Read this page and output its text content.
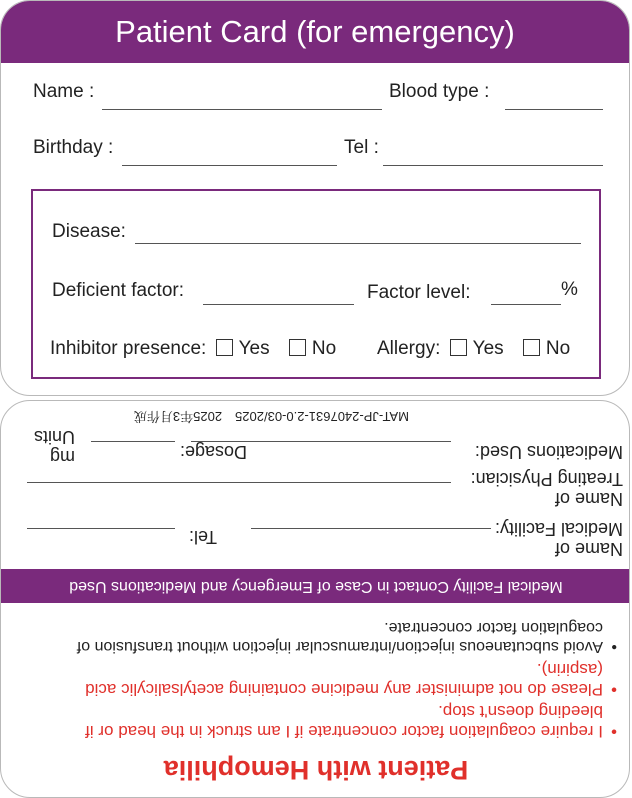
Patient Card (for emergency)
Name :	Blood type :
Birthday :	Tel :
Disease:
Deficient factor:	Factor level:	%
Inhibitor presence: Yes No Allergy: Yes No
Patient with Hemophilia
•
I require coagulation factor concentrate if I am struck in the head or if bleeding doesn't stop.
•
Please do not administer any medicine containing acetylsalicylic acid (aspirin).
•
Avoid subcutaneous injection/intramuscular injection without transfusion of coagulation factor concentrate.
Medical Facility Contact in Case of Emergency and Medications Used
Name of
Medical Facility:
Tel:
Name of
Treating Physician:
Medications Used:
Dosage:
mg
Units
MAT-JP-2407631-2.0-03/2025　2025年3月作成
